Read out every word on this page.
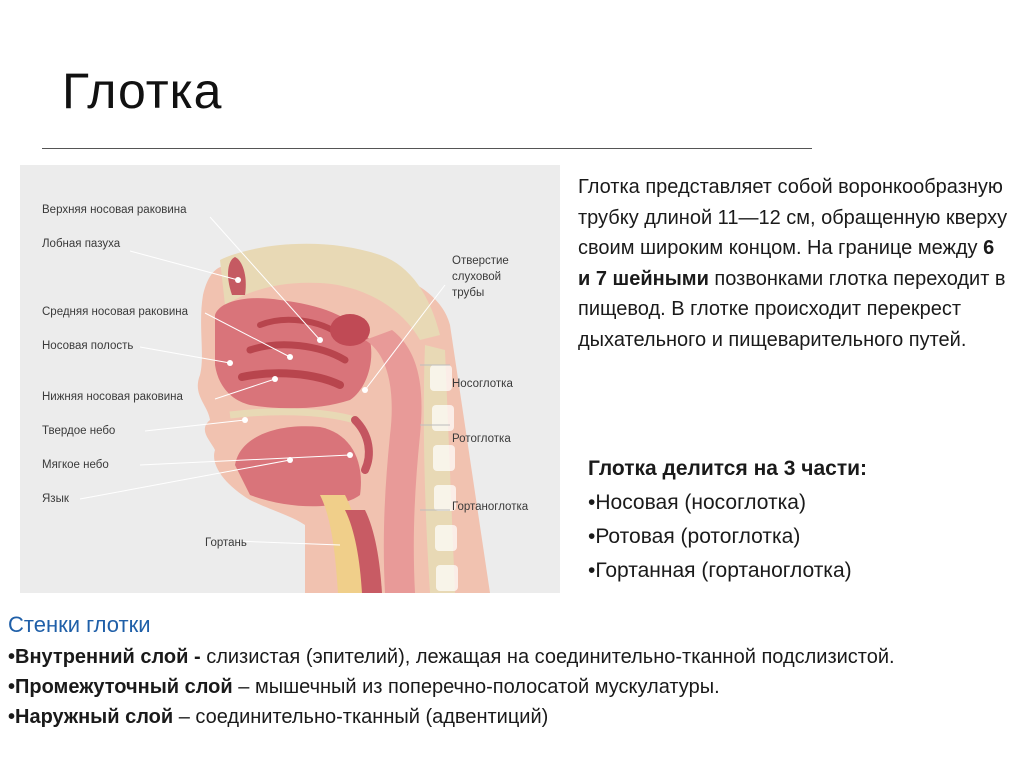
Глотка
Верхняя носовая раковина
Лобная пазуха
Средняя носовая раковина
Носовая полость
Нижняя носовая раковина
Твердое небо
Мягкое небо
Язык
Гортань
Отверстие
слуховой
трубы
Носоглотка
Ротоглотка
Гортаноглотка

Глотка представляет собой воронкообразную трубку длиной 11—12 см, обращенную кверху своим широким концом. На границе между 6 и 7 шейными позвонками глотка переходит в пищевод. В глотке происходит перекрест дыхательного и пищеварительного путей.

Глотка делится на 3 части:
•Носовая (носоглотка)
•Ротовая (ротоглотка)
•Гортанная (гортаноглотка)
Стенки глотки
•Внутренний слой - слизистая (эпителий), лежащая на соединительно-тканной подслизистой.
•Промежуточный слой – мышечный из поперечно-полосатой мускулатуры.
•Наружный слой – соединительно-тканный (адвентиций)
